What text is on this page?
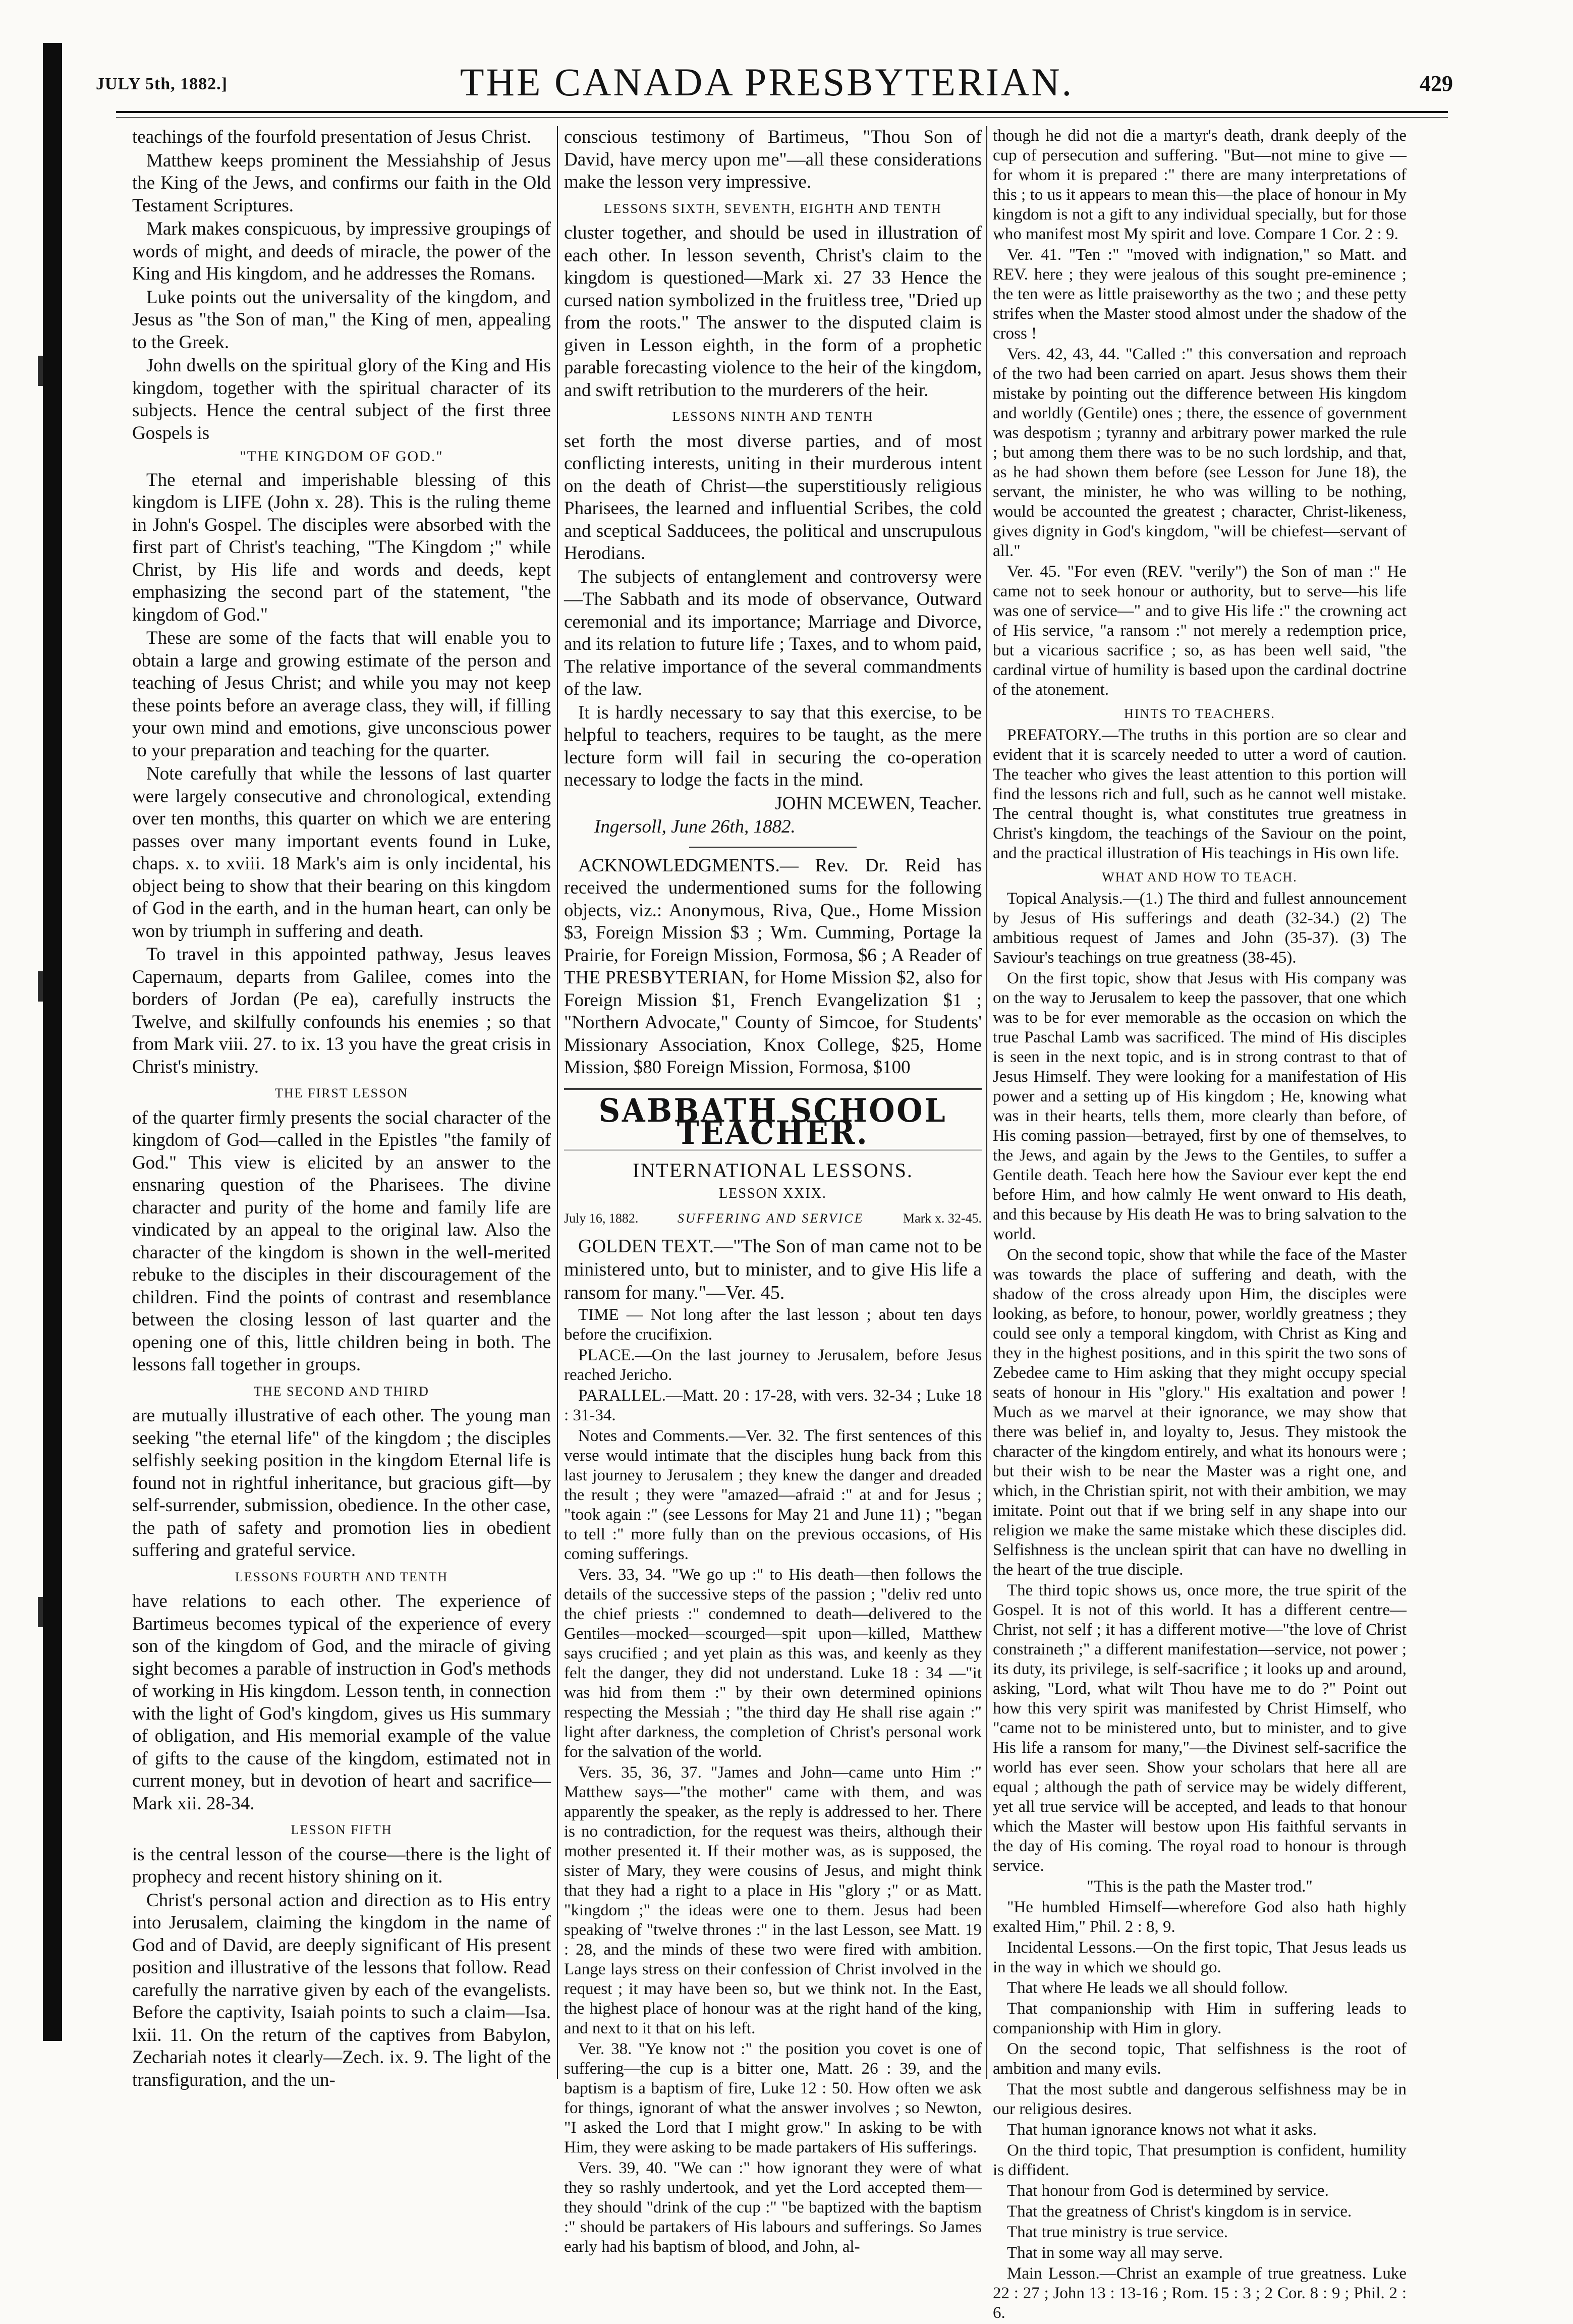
JULY 5th, 1882.]	THE CANADA PRESBYTERIAN.	429

teachings of the fourfold presentation of Jesus Christ.

Matthew keeps prominent the Messiahship of Jesus the King of the Jews, and confirms our faith in the Old Testament Scriptures.

Mark makes conspicuous, by impressive groupings of words of might, and deeds of miracle, the power of the King and His kingdom, and he addresses the Romans.

Luke points out the universality of the kingdom, and Jesus as "the Son of man," the King of men, appealing to the Greek.

John dwells on the spiritual glory of the King and His kingdom, together with the spiritual character of its subjects. Hence the central subject of the first three Gospels is

"THE KINGDOM OF GOD."

The eternal and imperishable blessing of this kingdom is LIFE (John x. 28). This is the ruling theme in John's Gospel. The disciples were absorbed with the first part of Christ's teaching, "The Kingdom ;" while Christ, by His life and words and deeds, kept emphasizing the second part of the statement, "the kingdom of God."

These are some of the facts that will enable you to obtain a large and growing estimate of the person and teaching of Jesus Christ; and while you may not keep these points before an average class, they will, if filling your own mind and emotions, give unconscious power to your preparation and teaching for the quarter.

Note carefully that while the lessons of last quarter were largely consecutive and chronological, extending over ten months, this quarter on which we are entering passes over many important events found in Luke, chaps. x. to xviii. 18 Mark's aim is only incidental, his object being to show that their bearing on this kingdom of God in the earth, and in the human heart, can only be won by triumph in suffering and death.

To travel in this appointed pathway, Jesus leaves Capernaum, departs from Galilee, comes into the borders of Jordan (Pe ea), carefully instructs the Twelve, and skilfully confounds his enemies ; so that from Mark viii. 27. to ix. 13 you have the great crisis in Christ's ministry.

THE FIRST LESSON

of the quarter firmly presents the social character of the kingdom of God—called in the Epistles "the family of God." This view is elicited by an answer to the ensnaring question of the Pharisees. The divine character and purity of the home and family life are vindicated by an appeal to the original law. Also the character of the kingdom is shown in the well-merited rebuke to the disciples in their discouragement of the children. Find the points of contrast and resemblance between the closing lesson of last quarter and the opening one of this, little children being in both. The lessons fall together in groups.

THE SECOND AND THIRD

are mutually illustrative of each other. The young man seeking "the eternal life" of the kingdom ; the disciples selfishly seeking position in the kingdom Eternal life is found not in rightful inheritance, but gracious gift—by self-surrender, submission, obedience. In the other case, the path of safety and promotion lies in obedient suffering and grateful service.

LESSONS FOURTH AND TENTH

have relations to each other. The experience of Bartimeus becomes typical of the experience of every son of the kingdom of God, and the miracle of giving sight becomes a parable of instruction in God's methods of working in His kingdom. Lesson tenth, in connection with the light of God's kingdom, gives us His summary of obligation, and His memorial example of the value of gifts to the cause of the kingdom, estimated not in current money, but in devotion of heart and sacrifice—Mark xii. 28-34.

LESSON FIFTH

is the central lesson of the course—there is the light of prophecy and recent history shining on it.

Christ's personal action and direction as to His entry into Jerusalem, claiming the kingdom in the name of God and of David, are deeply significant of His present position and illustrative of the lessons that follow. Read carefully the narrative given by each of the evangelists. Before the captivity, Isaiah points to such a claim—Isa. lxii. 11. On the return of the captives from Babylon, Zechariah notes it clearly—Zech. ix. 9. The light of the transfiguration, and the un-

conscious testimony of Bartimeus, "Thou Son of David, have mercy upon me"—all these considerations make the lesson very impressive.

LESSONS SIXTH, SEVENTH, EIGHTH AND TENTH

cluster together, and should be used in illustration of each other. In lesson seventh, Christ's claim to the kingdom is questioned—Mark xi. 27 33 Hence the cursed nation symbolized in the fruitless tree, "Dried up from the roots." The answer to the disputed claim is given in Lesson eighth, in the form of a prophetic parable forecasting violence to the heir of the kingdom, and swift retribution to the murderers of the heir.

LESSONS NINTH AND TENTH

set forth the most diverse parties, and of most conflicting interests, uniting in their murderous intent on the death of Christ—the superstitiously religious Pharisees, the learned and influential Scribes, the cold and sceptical Sadducees, the political and unscrupulous Herodians.

The subjects of entanglement and controversy were —The Sabbath and its mode of observance, Outward ceremonial and its importance; Marriage and Divorce, and its relation to future life ; Taxes, and to whom paid, The relative importance of the several commandments of the law.

It is hardly necessary to say that this exercise, to be helpful to teachers, requires to be taught, as the mere lecture form will fail in securing the co-operation necessary to lodge the facts in the mind.

JOHN MCEWEN, Teacher.

Ingersoll, June 26th, 1882.

ACKNOWLEDGMENTS.— Rev. Dr. Reid has received the undermentioned sums for the following objects, viz.: Anonymous, Riva, Que., Home Mission $3, Foreign Mission $3 ; Wm. Cumming, Portage la Prairie, for Foreign Mission, Formosa, $6 ; A Reader of THE PRESBYTERIAN, for Home Mission $2, also for Foreign Mission $1, French Evangelization $1 ; "Northern Advocate," County of Simcoe, for Students' Missionary Association, Knox College, $25, Home Mission, $80 Foreign Mission, Formosa, $100

SABBATH SCHOOL TEACHER.
INTERNATIONAL LESSONS.
LESSON XXIX.
July 16, 1882.	SUFFERING AND SERVICE	Mark x. 32-45.

GOLDEN TEXT.—"The Son of man came not to be ministered unto, but to minister, and to give His life a ransom for many."—Ver. 45.

TIME — Not long after the last lesson ; about ten days before the crucifixion.

PLACE.—On the last journey to Jerusalem, before Jesus reached Jericho.

PARALLEL.—Matt. 20 : 17-28, with vers. 32-34 ; Luke 18 : 31-34.

Notes and Comments.—Ver. 32. The first sentences of this verse would intimate that the disciples hung back from this last journey to Jerusalem ; they knew the danger and dreaded the result ; they were "amazed—afraid :" at and for Jesus ; "took again :" (see Lessons for May 21 and June 11) ; "began to tell :" more fully than on the previous occasions, of His coming sufferings.

Vers. 33, 34. "We go up :" to His death—then follows the details of the successive steps of the passion ; "deliv red unto the chief priests :" condemned to death—delivered to the Gentiles—mocked—scourged—spit upon—killed, Matthew says crucified ; and yet plain as this was, and keenly as they felt the danger, they did not understand. Luke 18 : 34 —"it was hid from them :" by their own determined opinions respecting the Messiah ; "the third day He shall rise again :" light after darkness, the completion of Christ's personal work for the salvation of the world.

Vers. 35, 36, 37. "James and John—came unto Him :" Matthew says—"the mother" came with them, and was apparently the speaker, as the reply is addressed to her. There is no contradiction, for the request was theirs, although their mother presented it. If their mother was, as is supposed, the sister of Mary, they were cousins of Jesus, and might think that they had a right to a place in His "glory ;" or as Matt. "kingdom ;" the ideas were one to them. Jesus had been speaking of "twelve thrones :" in the last Lesson, see Matt. 19 : 28, and the minds of these two were fired with ambition. Lange lays stress on their confession of Christ involved in the request ; it may have been so, but we think not. In the East, the highest place of honour was at the right hand of the king, and next to it that on his left.

Ver. 38. "Ye know not :" the position you covet is one of suffering—the cup is a bitter one, Matt. 26 : 39, and the baptism is a baptism of fire, Luke 12 : 50. How often we ask for things, ignorant of what the answer involves ; so Newton, "I asked the Lord that I might grow." In asking to be with Him, they were asking to be made partakers of His sufferings.

Vers. 39, 40. "We can :" how ignorant they were of what they so rashly undertook, and yet the Lord accepted them—they should "drink of the cup :" "be baptized with the baptism :" should be partakers of His labours and sufferings. So James early had his baptism of blood, and John, al-

though he did not die a martyr's death, drank deeply of the cup of persecution and suffering. "But—not mine to give —for whom it is prepared :" there are many interpretations of this ; to us it appears to mean this—the place of honour in My kingdom is not a gift to any individual specially, but for those who manifest most My spirit and love. Compare 1 Cor. 2 : 9.

Ver. 41. "Ten :" "moved with indignation," so Matt. and REV. here ; they were jealous of this sought pre-eminence ; the ten were as little praiseworthy as the two ; and these petty strifes when the Master stood almost under the shadow of the cross !

Vers. 42, 43, 44. "Called :" this conversation and reproach of the two had been carried on apart. Jesus shows them their mistake by pointing out the difference between His kingdom and worldly (Gentile) ones ; there, the essence of government was despotism ; tyranny and arbitrary power marked the rule ; but among them there was to be no such lordship, and that, as he had shown them before (see Lesson for June 18), the servant, the minister, he who was willing to be nothing, would be accounted the greatest ; character, Christ-likeness, gives dignity in God's kingdom, "will be chiefest—servant of all."

Ver. 45. "For even (REV. "verily") the Son of man :" He came not to seek honour or authority, but to serve—his life was one of service—" and to give His life :" the crowning act of His service, "a ransom :" not merely a redemption price, but a vicarious sacrifice ; so, as has been well said, "the cardinal virtue of humility is based upon the cardinal doctrine of the atonement.

HINTS TO TEACHERS.

PREFATORY.—The truths in this portion are so clear and evident that it is scarcely needed to utter a word of caution. The teacher who gives the least attention to this portion will find the lessons rich and full, such as he cannot well mistake. The central thought is, what constitutes true greatness in Christ's kingdom, the teachings of the Saviour on the point, and the practical illustration of His teachings in His own life.

WHAT AND HOW TO TEACH.

Topical Analysis.—(1.) The third and fullest announcement by Jesus of His sufferings and death (32-34.) (2) The ambitious request of James and John (35-37). (3) The Saviour's teachings on true greatness (38-45).

On the first topic, show that Jesus with His company was on the way to Jerusalem to keep the passover, that one which was to be for ever memorable as the occasion on which the true Paschal Lamb was sacrificed. The mind of His disciples is seen in the next topic, and is in strong contrast to that of Jesus Himself. They were looking for a manifestation of His power and a setting up of His kingdom ; He, knowing what was in their hearts, tells them, more clearly than before, of His coming passion—betrayed, first by one of themselves, to the Jews, and again by the Jews to the Gentiles, to suffer a Gentile death. Teach here how the Saviour ever kept the end before Him, and how calmly He went onward to His death, and this because by His death He was to bring salvation to the world.

On the second topic, show that while the face of the Master was towards the place of suffering and death, with the shadow of the cross already upon Him, the disciples were looking, as before, to honour, power, worldly greatness ; they could see only a temporal kingdom, with Christ as King and they in the highest positions, and in this spirit the two sons of Zebedee came to Him asking that they might occupy special seats of honour in His "glory." His exaltation and power ! Much as we marvel at their ignorance, we may show that there was belief in, and loyalty to, Jesus. They mistook the character of the kingdom entirely, and what its honours were ; but their wish to be near the Master was a right one, and which, in the Christian spirit, not with their ambition, we may imitate. Point out that if we bring self in any shape into our religion we make the same mistake which these disciples did. Selfishness is the unclean spirit that can have no dwelling in the heart of the true disciple.

The third topic shows us, once more, the true spirit of the Gospel. It is not of this world. It has a different centre—Christ, not self ; it has a different motive—"the love of Christ constraineth ;" a different manifestation—service, not power ; its duty, its privilege, is self-sacrifice ; it looks up and around, asking, "Lord, what wilt Thou have me to do ?" Point out how this very spirit was manifested by Christ Himself, who "came not to be ministered unto, but to minister, and to give His life a ransom for many,"—the Divinest self-sacrifice the world has ever seen. Show your scholars that here all are equal ; although the path of service may be widely different, yet all true service will be accepted, and leads to that honour which the Master will bestow upon His faithful servants in the day of His coming. The royal road to honour is through service.

"This is the path the Master trod."

"He humbled Himself—wherefore God also hath highly exalted Him," Phil. 2 : 8, 9.

Incidental Lessons.—On the first topic, That Jesus leads us in the way in which we should go.

That where He leads we all should follow.

That companionship with Him in suffering leads to companionship with Him in glory.

On the second topic, That selfishness is the root of ambition and many evils.

That the most subtle and dangerous selfishness may be in our religious desires.

That human ignorance knows not what it asks.

On the third topic, That presumption is confident, humility is diffident.

That honour from God is determined by service.

That the greatness of Christ's kingdom is in service.

That true ministry is true service.

That in some way all may serve.

Main Lesson.—Christ an example of true greatness. Luke 22 : 27 ; John 13 : 13-16 ; Rom. 15 : 3 ; 2 Cor. 8 : 9 ; Phil. 2 : 6.
